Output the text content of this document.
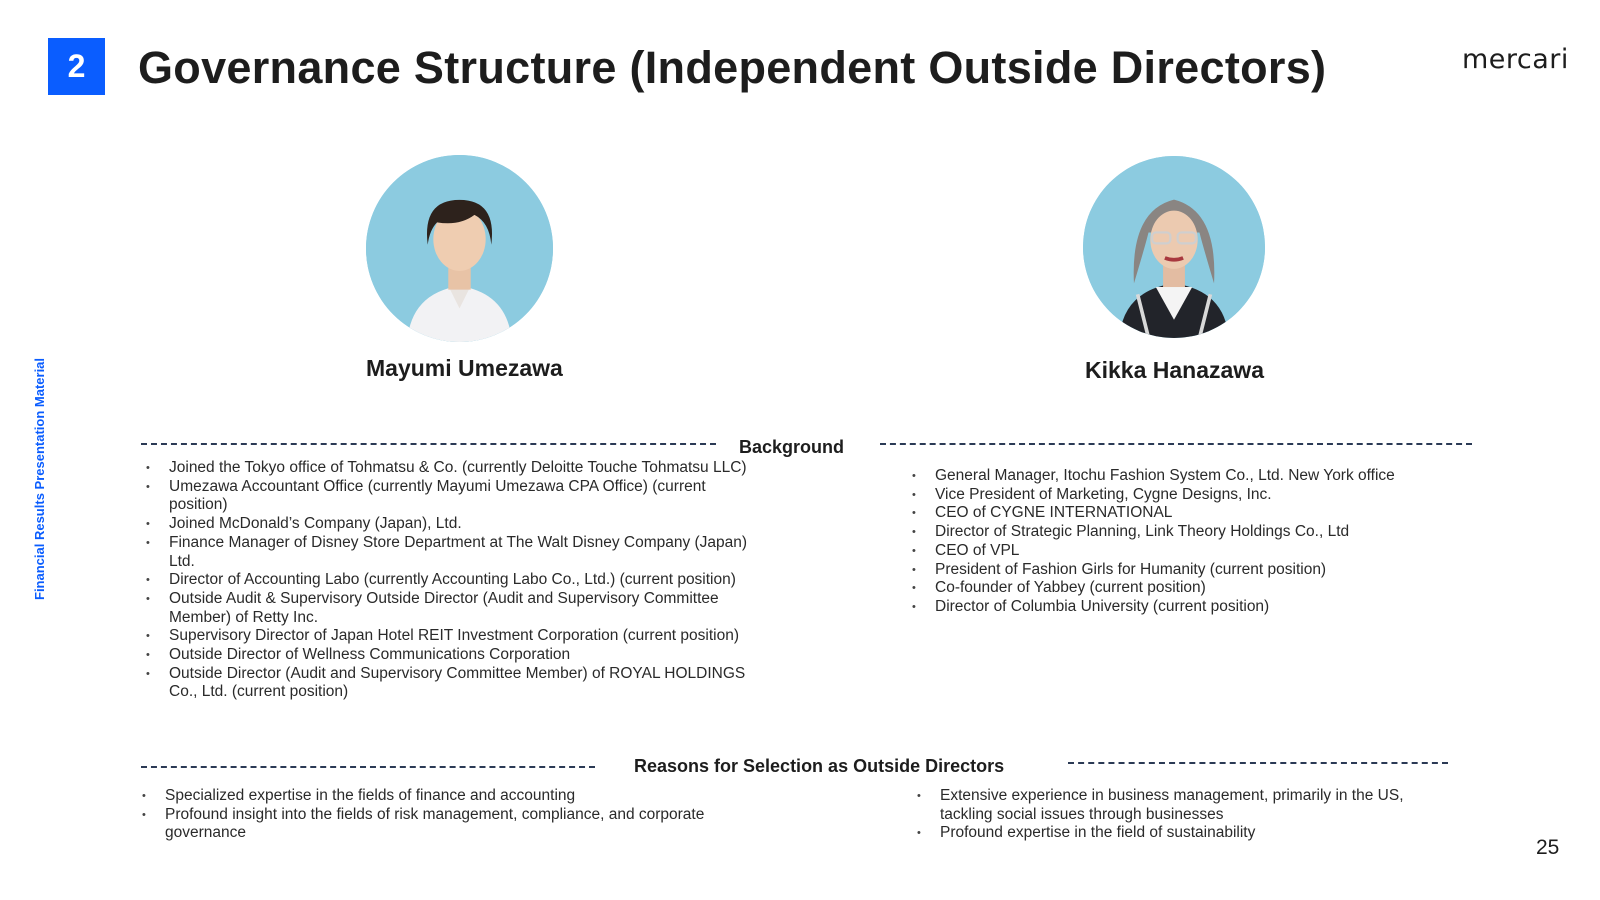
2	Governance Structure (Independent Outside Directors)	mercari
Financial Results Presentation Material
25
Mayumi Umezawa	Kikka Hanazawa
Background
• Joined the Tokyo office of Tohmatsu & Co. (currently Deloitte Touche Tohmatsu LLC)
• Umezawa Accountant Office (currently Mayumi Umezawa CPA Office) (current position)
• Joined McDonald’s Company (Japan), Ltd.
• Finance Manager of Disney Store Department at The Walt Disney Company (Japan) Ltd.
• Director of Accounting Labo (currently Accounting Labo Co., Ltd.) (current position)
• Outside Audit & Supervisory Outside Director (Audit and Supervisory Committee Member) of Retty Inc.
• Supervisory Director of Japan Hotel REIT Investment Corporation (current position)
• Outside Director of Wellness Communications Corporation
• Outside Director (Audit and Supervisory Committee Member) of ROYAL HOLDINGS Co., Ltd. (current position)
• General Manager, Itochu Fashion System Co., Ltd. New York office
• Vice President of Marketing, Cygne Designs, Inc.
• CEO of CYGNE INTERNATIONAL
• Director of Strategic Planning, Link Theory Holdings Co., Ltd
• CEO of VPL
• President of Fashion Girls for Humanity (current position)
• Co-founder of Yabbey (current position)
• Director of Columbia University (current position)
Reasons for Selection as Outside Directors
• Specialized expertise in the fields of finance and accounting
• Profound insight into the fields of risk management, compliance, and corporate governance
• Extensive experience in business management, primarily in the US, tackling social issues through businesses
• Profound expertise in the field of sustainability
